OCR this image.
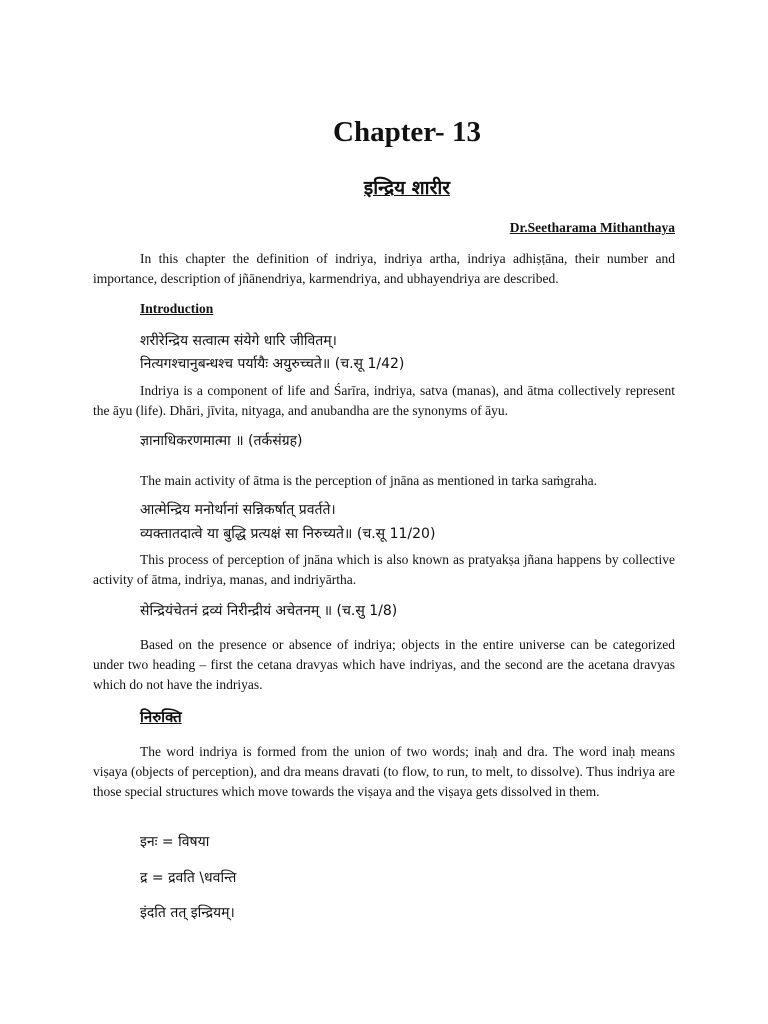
Chapter- 13
इन्द्रिय शारीर
Dr.Seetharama Mithanthaya

In this chapter the definition of indriya, indriya artha, indriya adhiṣṭāna, their number and importance, description of jñānendriya, karmendriya, and ubhayendriya are described.

Introduction
शरीरेन्द्रिय सत्वात्म संयेगे धारि जीवितम्।
नित्यगश्चानुबन्धश्च पर्यायैः अयुरुच्चते॥ (च.सू 1/42)

Indriya is a component of life and Śarīra, indriya, satva (manas), and ātma collectively represent the āyu (life). Dhāri, jīvita, nityaga, and anubandha are the synonyms of āyu.

ज्ञानाधिकरणमात्मा ॥ (तर्कसंग्रह)

The main activity of ātma is the perception of jnāna as mentioned in tarka saṁgraha.

आत्मेन्द्रिय मनोर्थानां सन्निकर्षात् प्रवर्तते।
व्यक्तातदात्वे या बुद्धि प्रत्यक्षं सा निरुच्यते॥ (च.सू 11/20)

This process of perception of jnāna which is also known as pratyakṣa jñana happens by collective activity of ātma, indriya, manas, and indriyārtha.

सेन्द्रियंचेतनं द्रव्यं निरीन्द्रीयं अचेतनम् ॥ (च.सु 1/8)

Based on the presence or absence of indriya; objects in the entire universe can be categorized under two heading – first the cetana dravyas which have indriyas, and the second are the acetana dravyas which do not have the indriyas.

निरुक्ति

The word indriya is formed from the union of two words; inaḥ and dra. The word inaḥ means viṣaya (objects of perception), and dra means dravati (to flow, to run, to melt, to dissolve). Thus indriya are those special structures which move towards the viṣaya and the viṣaya gets dissolved in them.

इनः = विषया
द्र = द्रवति \धवन्ति
इंदति तत् इन्द्रियम्।
